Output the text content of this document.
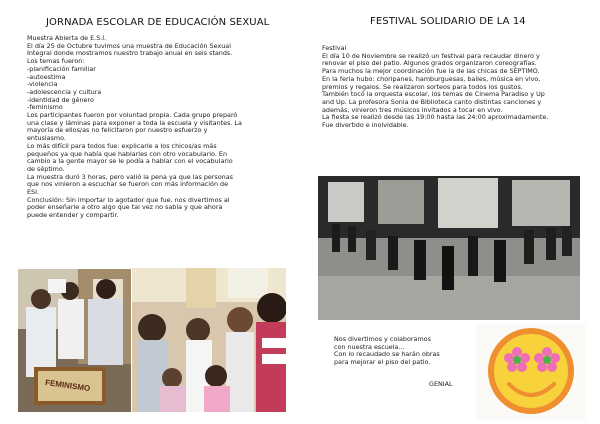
JORNADA ESCOLAR DE EDUCACIÓN SEXUAL
Muestra Abierta de E.S.I.
El día 25 de Octubre tuvimos una muestra de Educación Sexual
Integral donde mostramos nuestro trabajo anual en seis stands.
Los temas fueron:
-planificación familiar
-autoestima
-violencia
-adolescencia y cultura
-identidad de género
-feminismo
Los participantes fueron por voluntad propia. Cada grupo preparó
una clase y láminas para exponer a toda la escuela y visitantes. La
mayoría de ellos/as no felicitaron por nuestro esfuerzo y
entusiasmo.
Lo más difícil para todos fue: explicarle a los chicos/as más
pequeños ya que había que hablarles con otro vocabulario. En
cambio a la gente mayor se le podía a hablar con el vocabulario
de séptimo.
La muestra duró 3 horas, pero valió la pena ya que las personas
que nos vinieron a escuchar se fueron con más información de
ESI.
Conclusión: Sin importar lo agotador que fue, nos divertimos al
poder enseñarle a otro algo que tal vez no sabía y que ahora
puede entender y compartir.
FEMINISMO
FESTIVAL SOLIDARIO DE LA 14
Festival
El día 10 de Noviembre se realizó un festival para recaudar dinero y
renovar el piso del patio. Algunos grados organizaron coreografías.
Para muchos la mejor coordinación fue la de las chicas de SÉPTIMO.
En la feria hubo: choripanes, hamburguesas, bailes, música en vivo,
premios y regalos. Se realizaron sorteos para todos los gustos.
También tocó la orquesta escolar, los temas de Cinema Paradiso y Up
and Up. La profesora Sonia de Biblioteca canto distintas canciones y
además, vinieron tres músicos invitados a tocar en vivo.
La fiesta se realizó desde las 19:00 hasta las 24:00 aproximadamente.
Fue divertido e inolvidable.
Nos divertimos y colaboramos
con nuestra escuela...
Con lo recaudado se harán obras
para mejorar el piso del patio.
GENIAL
